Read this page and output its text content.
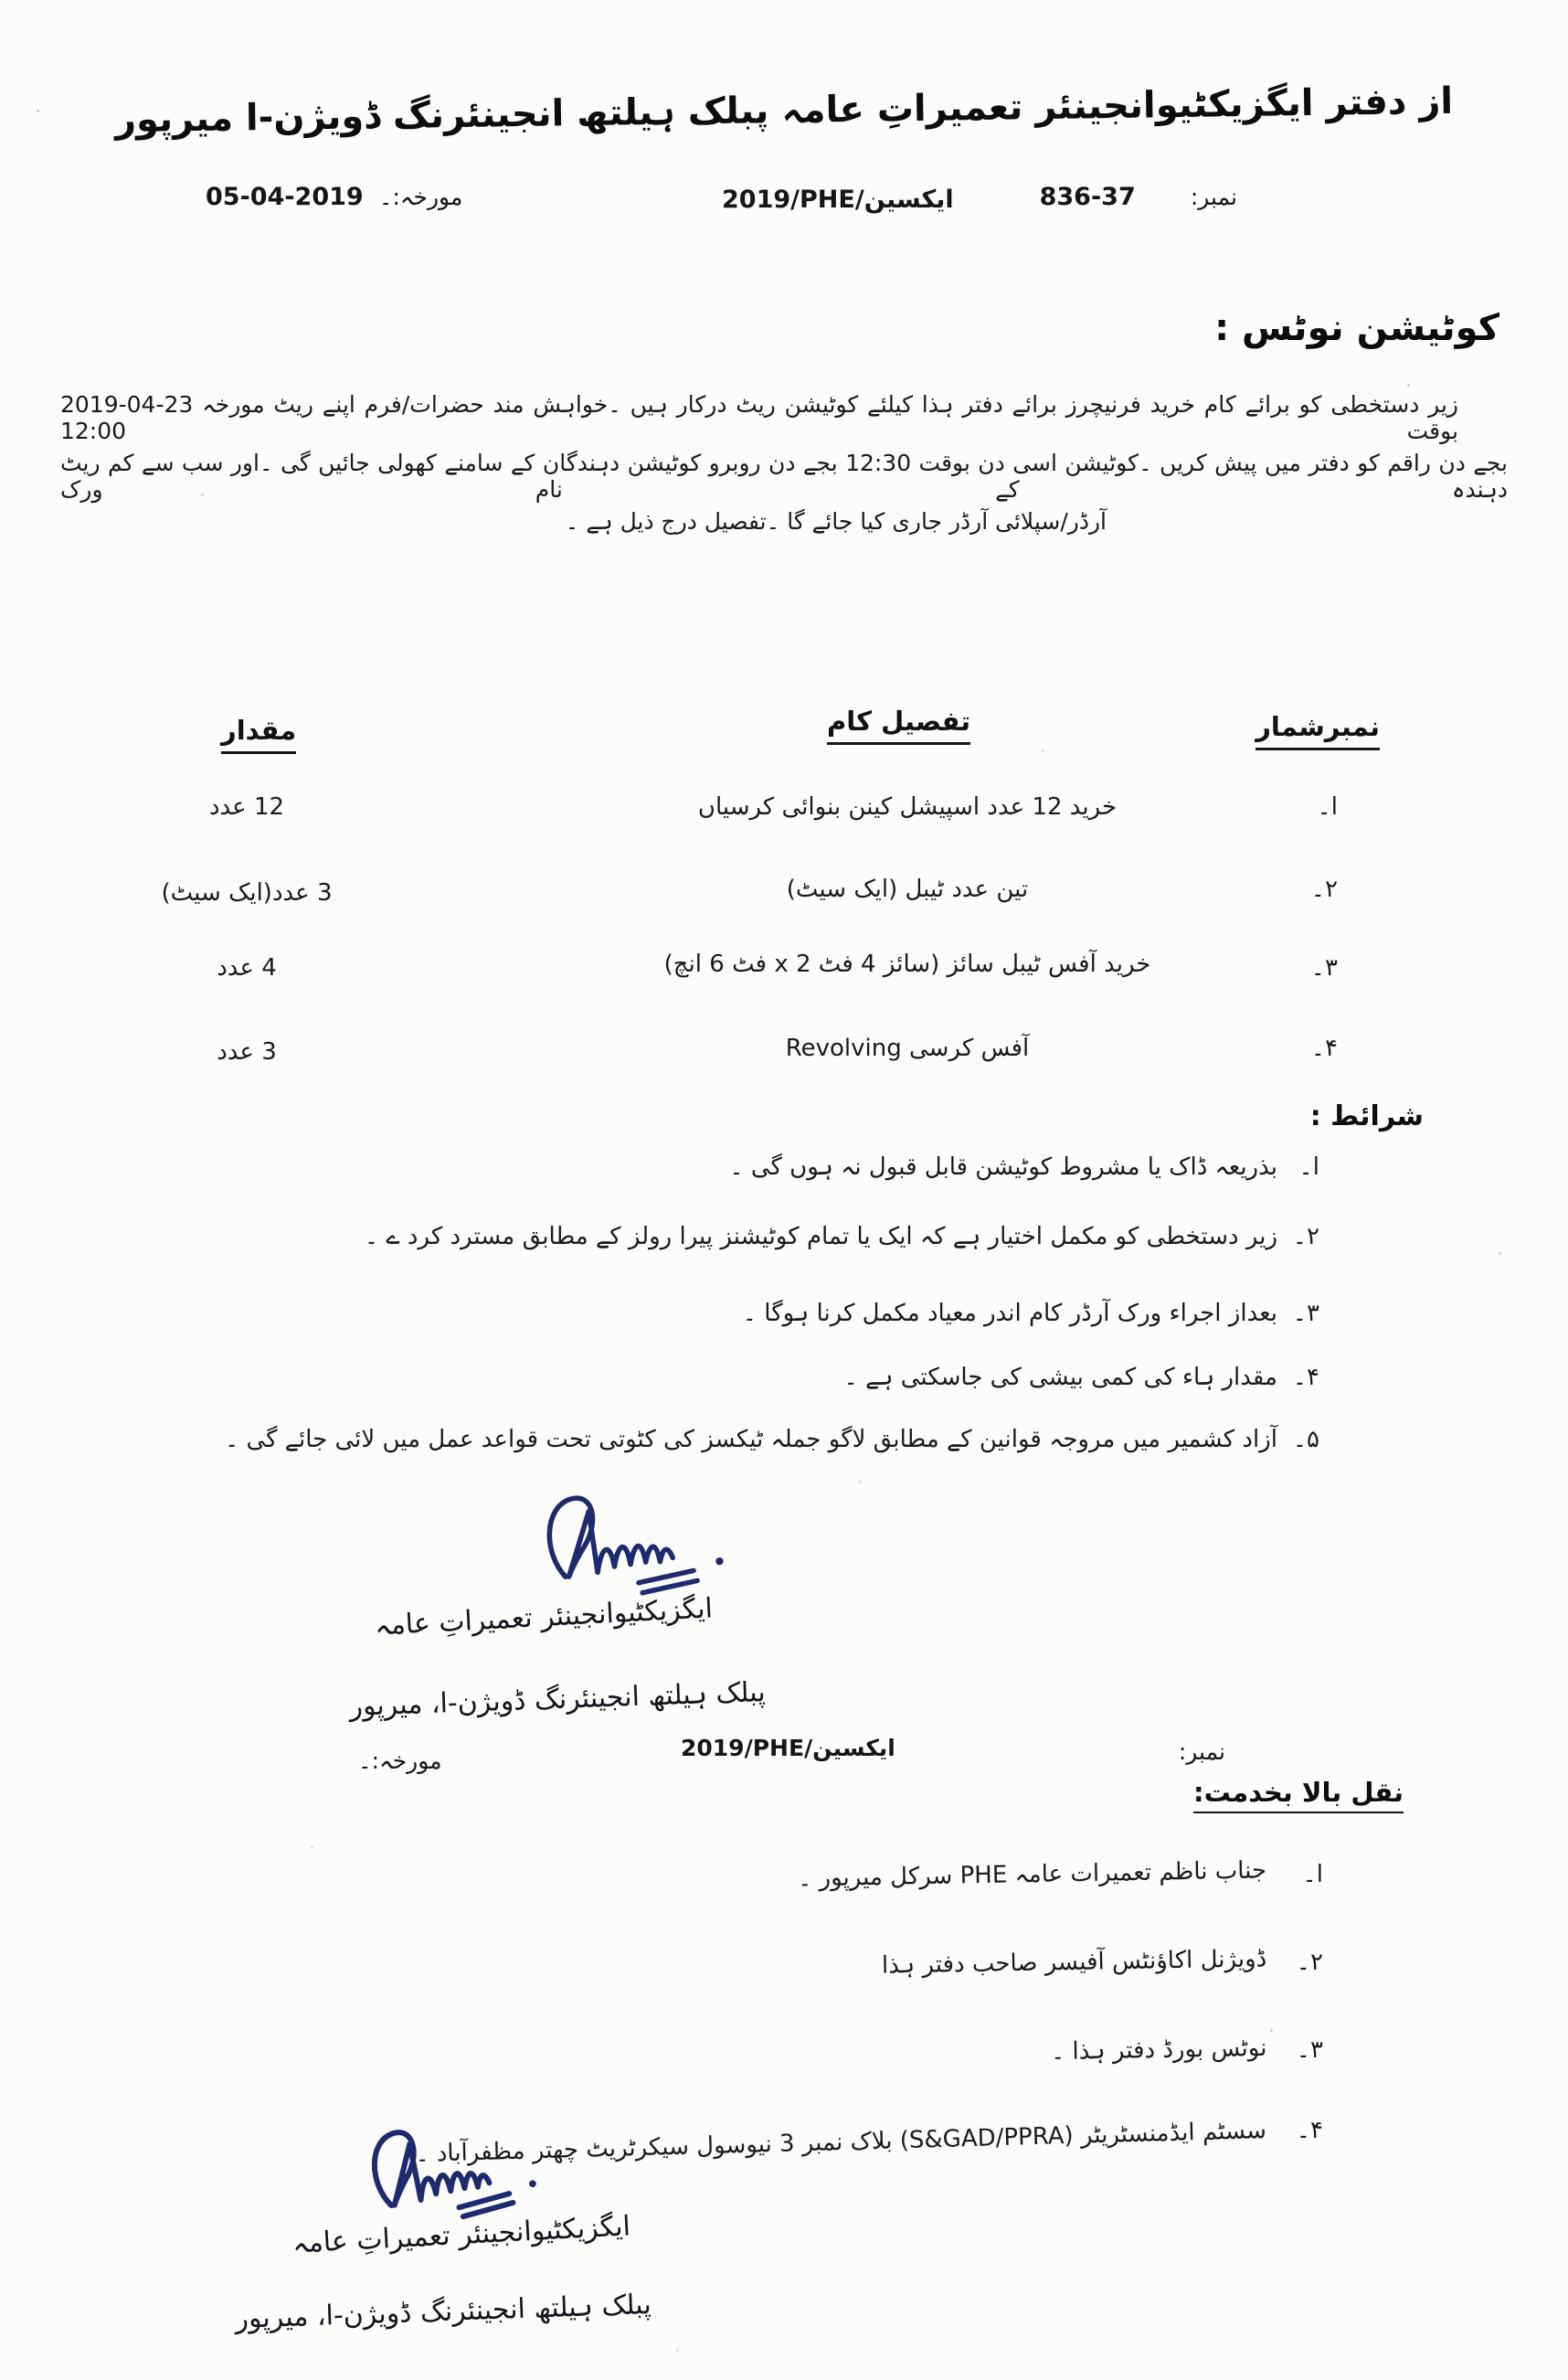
از دفتر ایگزیکٹیوانجینئر تعمیراتِ عامہ پبلک ہیلتھ انجینئرنگ ڈویژن-ا میرپور
نمبر: 836-37
2019/PHE/ایکسین
مورخہ:۔ 05-04-2019
کوٹیشن نوٹس :
زیر دستخطی کو برائے کام خرید فرنیچرز برائے دفتر ہذا کیلئے کوٹیشن ریٹ درکار ہیں ۔خواہش مند حضرات/فرم اپنے ریٹ مورخہ 23-04-2019 بوقت 12:00
بجے دن راقم کو دفتر میں پیش کریں ۔کوٹیشن اسی دن بوقت 12:30 بجے دن روبرو کوٹیشن دہندگان کے سامنے کھولی جائیں گی ۔اور سب سے کم ریٹ دہندہ کے نام ورک
آرڈر/سپلائی آرڈر جاری کیا جائے گا ۔تفصیل درج ذیل ہے ۔
نمبرشمار
تفصیل کام
مقدار
ا۔
خرید 12 عدد اسپیشل کینن بنوائی کرسیاں
12 عدد
۲۔
تین عدد ٹیبل (ایک سیٹ)
3 عدد(ایک سیٹ)
۳۔
خرید آفس ٹیبل سائز (سائز 4 فٹ x 2 فٹ 6 انچ)
4 عدد
۴۔
آفس کرسی Revolving
3 عدد
شرائط :
ا۔
بذریعہ ڈاک یا مشروط کوٹیشن قابل قبول نہ ہوں گی ۔
۲۔
زیر دستخطی کو مکمل اختیار ہے کہ ایک یا تمام کوٹیشنز پیرا رولز کے مطابق مسترد کرد ے ۔
۳۔
بعداز اجراء ورک آرڈر کام اندر معیاد مکمل کرنا ہوگا ۔
۴۔
مقدار ہاء کی کمی بیشی کی جاسکتی ہے ۔
۵۔
آزاد کشمیر میں مروجہ قوانین کے مطابق لاگو جملہ ٹیکسز کی کٹوتی تحت قواعد عمل میں لائی جائے گی ۔
ایگزیکٹیوانجینئر تعمیراتِ عامہ
پبلک ہیلتھ انجینئرنگ ڈویژن-ا، میرپور
نمبر:
2019/PHE/ایکسین
مورخہ:۔
نقل بالا بخدمت:
ا۔
جناب ناظم تعمیرات عامہ PHE سرکل میرپور ۔
۲۔
ڈویژنل اکاؤنٹس آفیسر صاحب دفتر ہذا
۳۔
نوٹس بورڈ دفتر ہذا ۔
۴۔
سسٹم ایڈمنسٹریٹر (S&GAD/PPRA) بلاک نمبر 3 نیوسول سیکرٹریٹ چھتر مظفرآباد ۔
ایگزیکٹیوانجینئر تعمیراتِ عامہ
پبلک ہیلتھ انجینئرنگ ڈویژن-ا، میرپور
